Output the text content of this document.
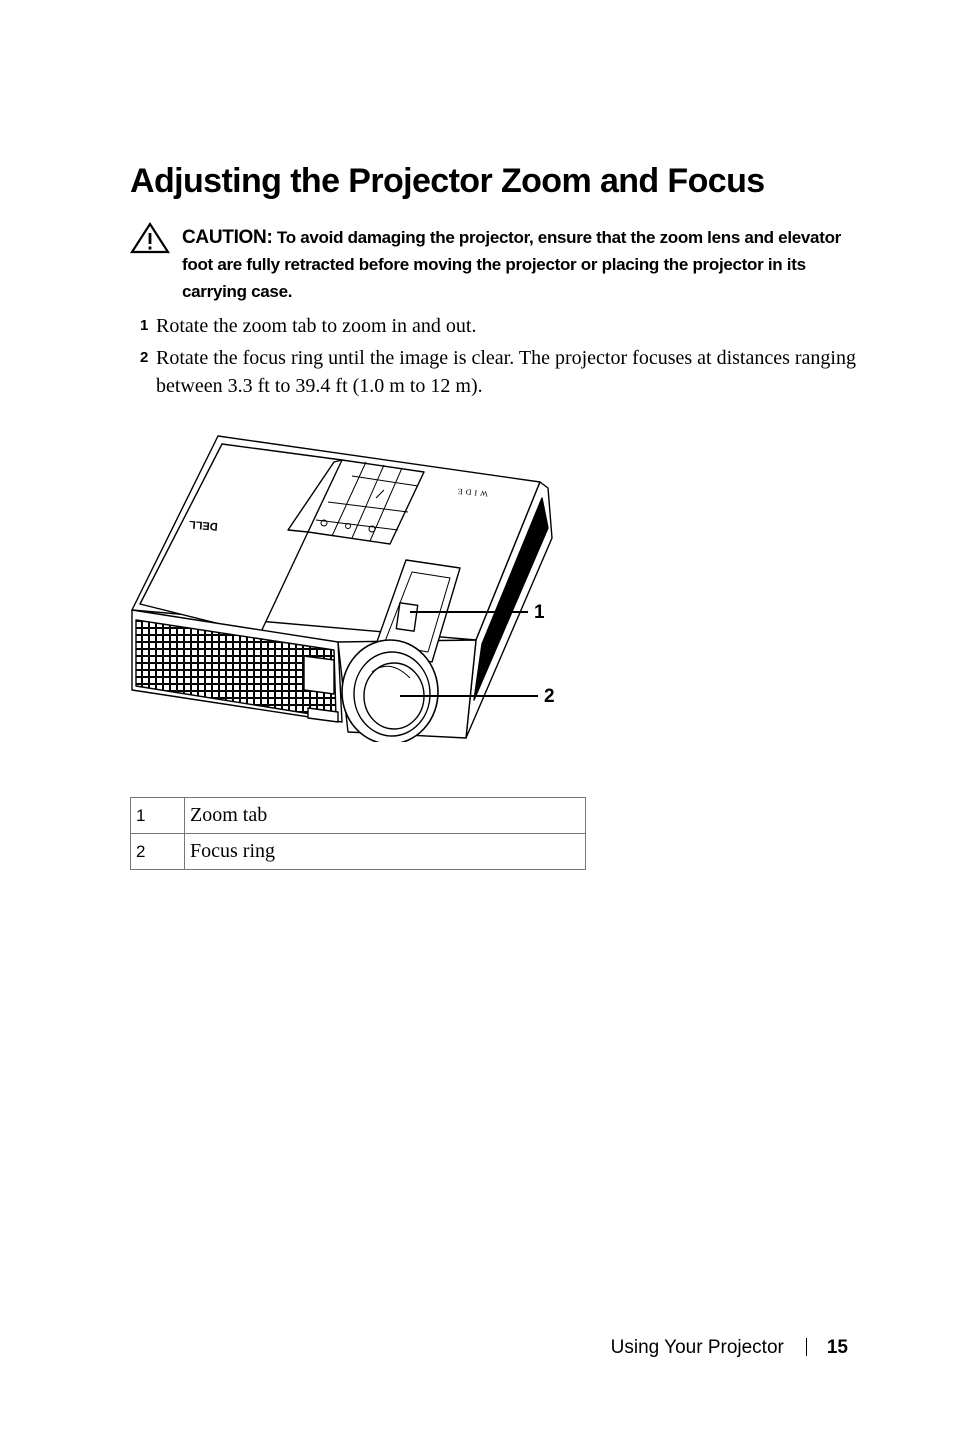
Adjusting the Projector Zoom and Focus
CAUTION: To avoid damaging the projector, ensure that the zoom lens and elevator foot are fully retracted before moving the projector or placing the projector in its carrying case.
1 Rotate the zoom tab to zoom in and out.
2 Rotate the focus ring until the image is clear. The projector focuses at distances ranging between 3.3 ft to 39.4 ft (1.0 m to 12 m).
DELL
WIDE
1
2
1	Zoom tab
2	Focus ring
Using Your Projector 15
